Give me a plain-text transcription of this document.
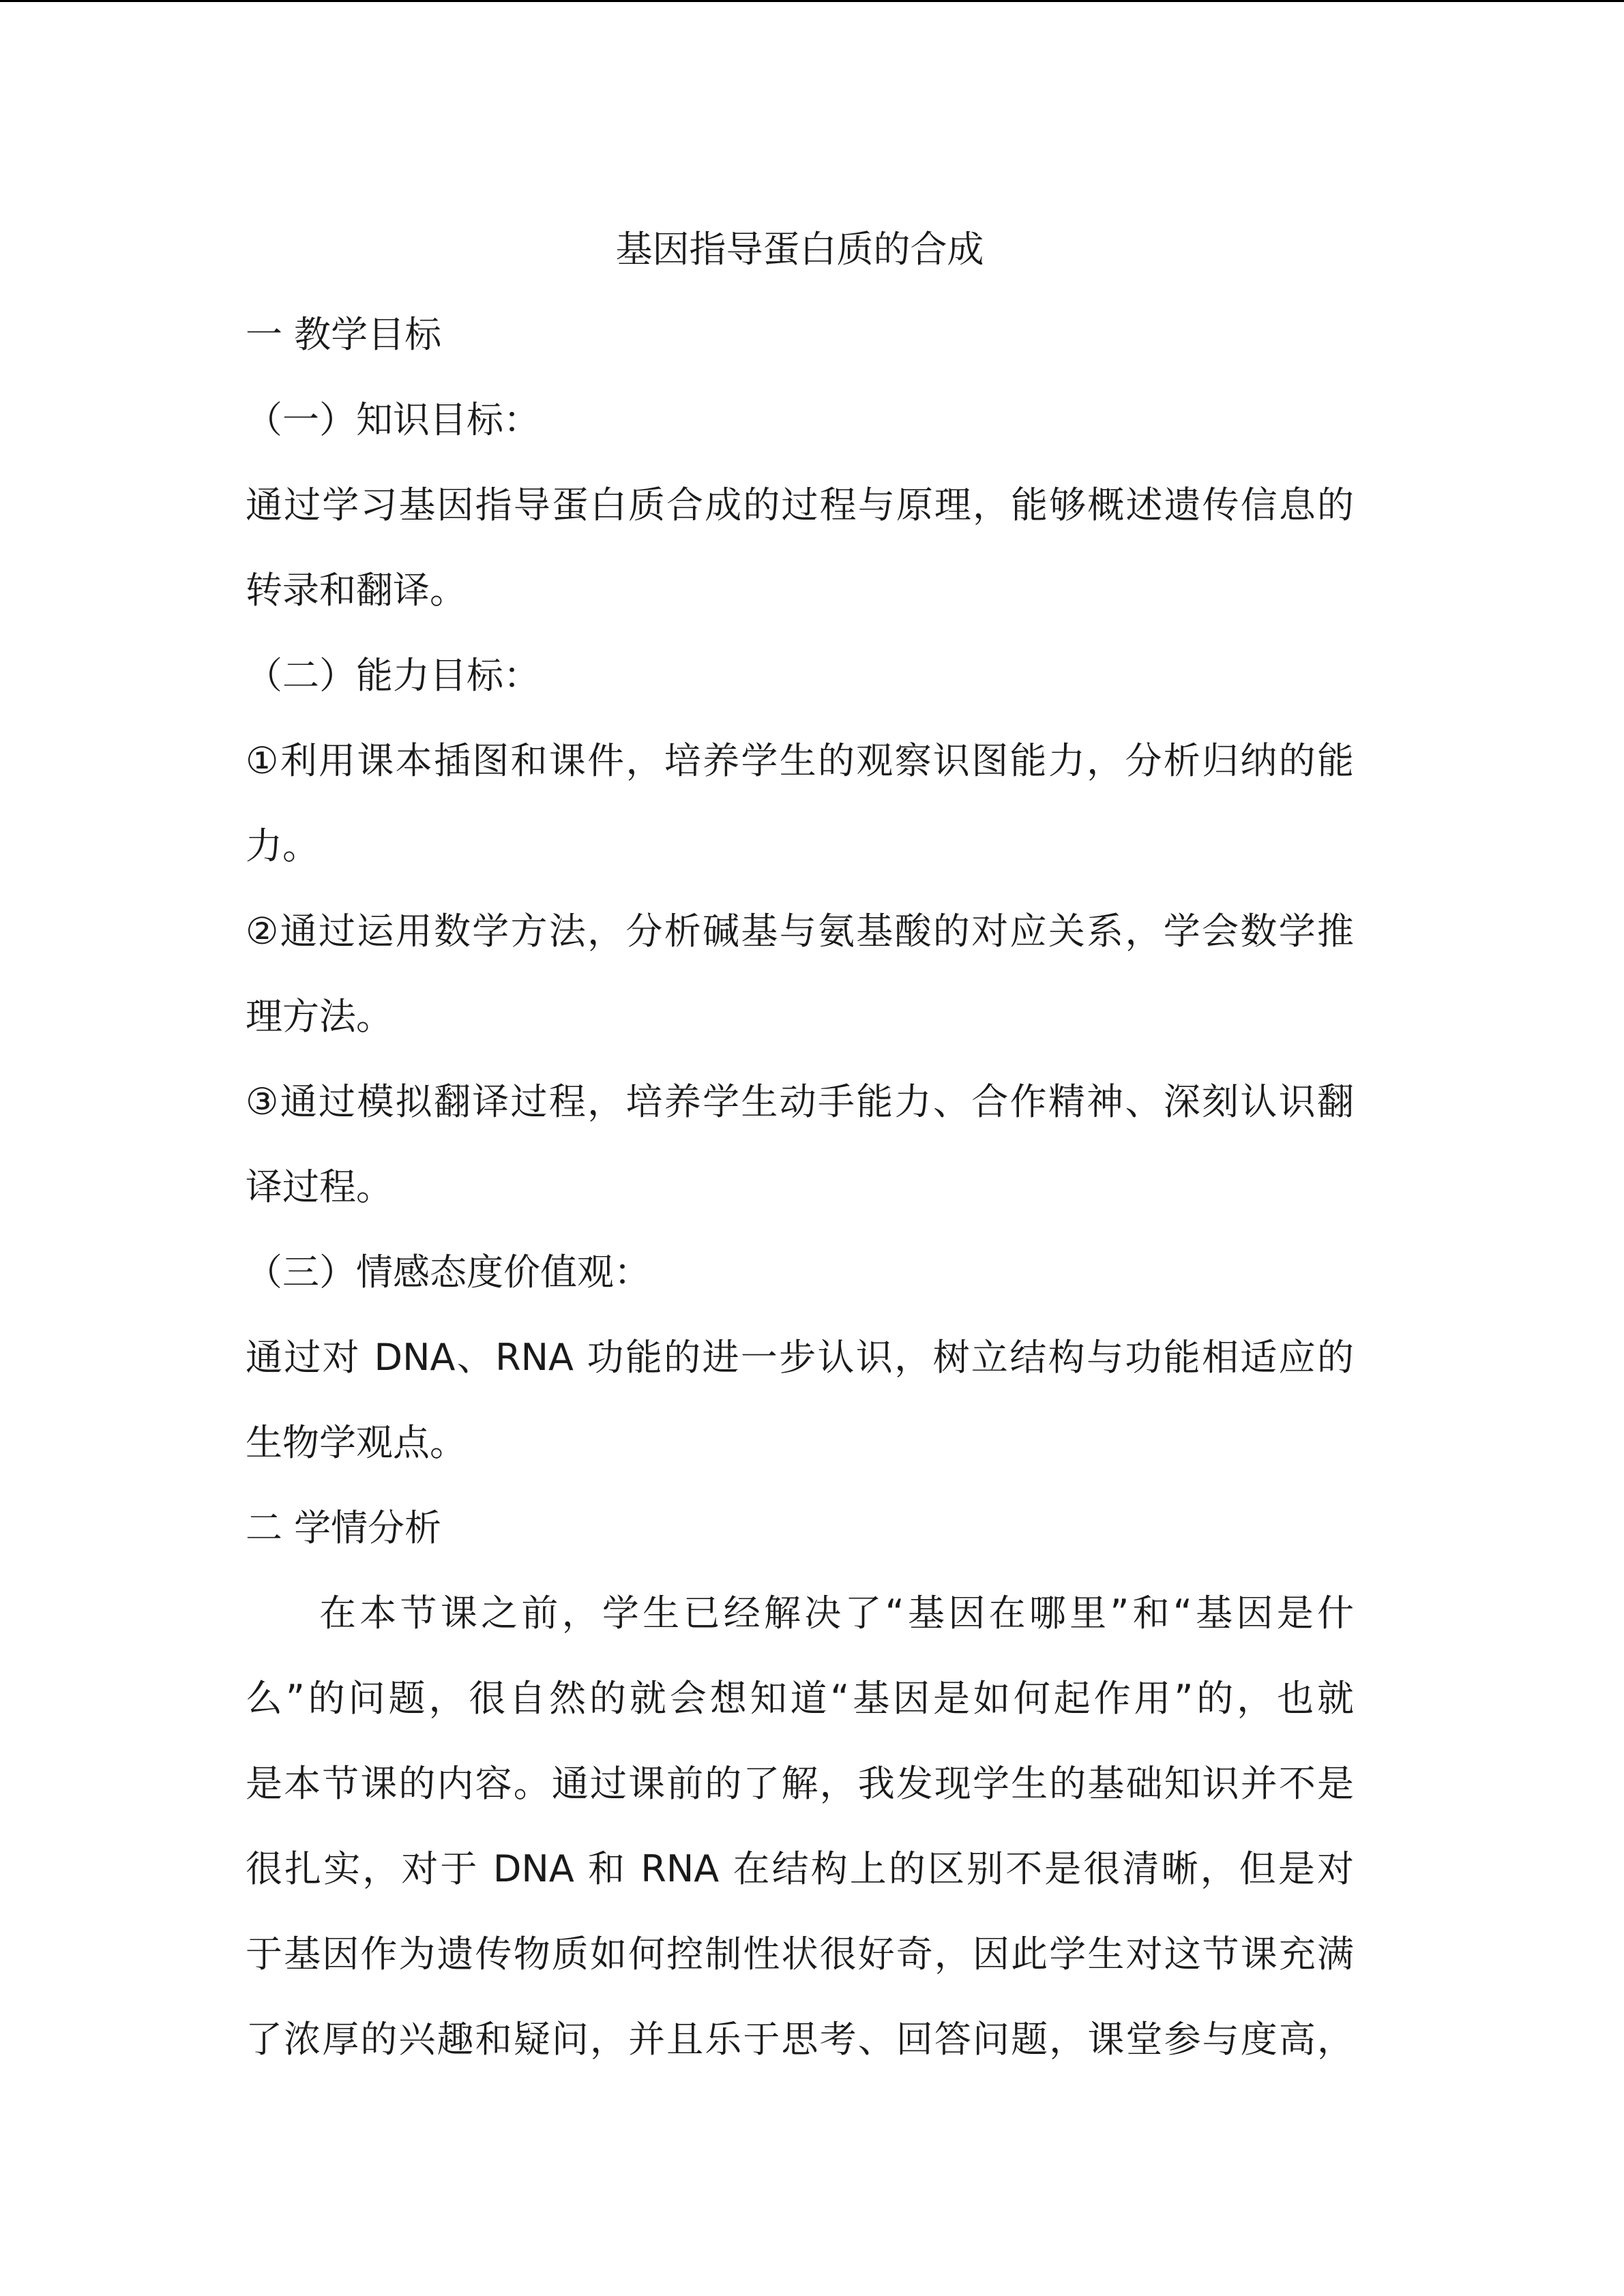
基因指导蛋白质的合成

一 教学目标

（一）知识目标：

通过学习基因指导蛋白质合成的过程与原理，能够概述遗传信息的

转录和翻译。

（二）能力目标：

①利用课本插图和课件，培养学生的观察识图能力，分析归纳的能

力。

②通过运用数学方法，分析碱基与氨基酸的对应关系，学会数学推

理方法。

③通过模拟翻译过程，培养学生动手能力、合作精神、深刻认识翻

译过程。

（三）情感态度价值观：

通过对 DNA、RNA 功能的进一步认识，树立结构与功能相适应的

生物学观点。

二 学情分析

在本节课之前，学生已经解决了“基因在哪里”和“基因是什

么”的问题，很自然的就会想知道“基因是如何起作用”的，也就

是本节课的内容。通过课前的了解，我发现学生的基础知识并不是

很扎实，对于 DNA 和 RNA 在结构上的区别不是很清晰，但是对

于基因作为遗传物质如何控制性状很好奇，因此学生对这节课充满

了浓厚的兴趣和疑问，并且乐于思考、回答问题，课堂参与度高，
